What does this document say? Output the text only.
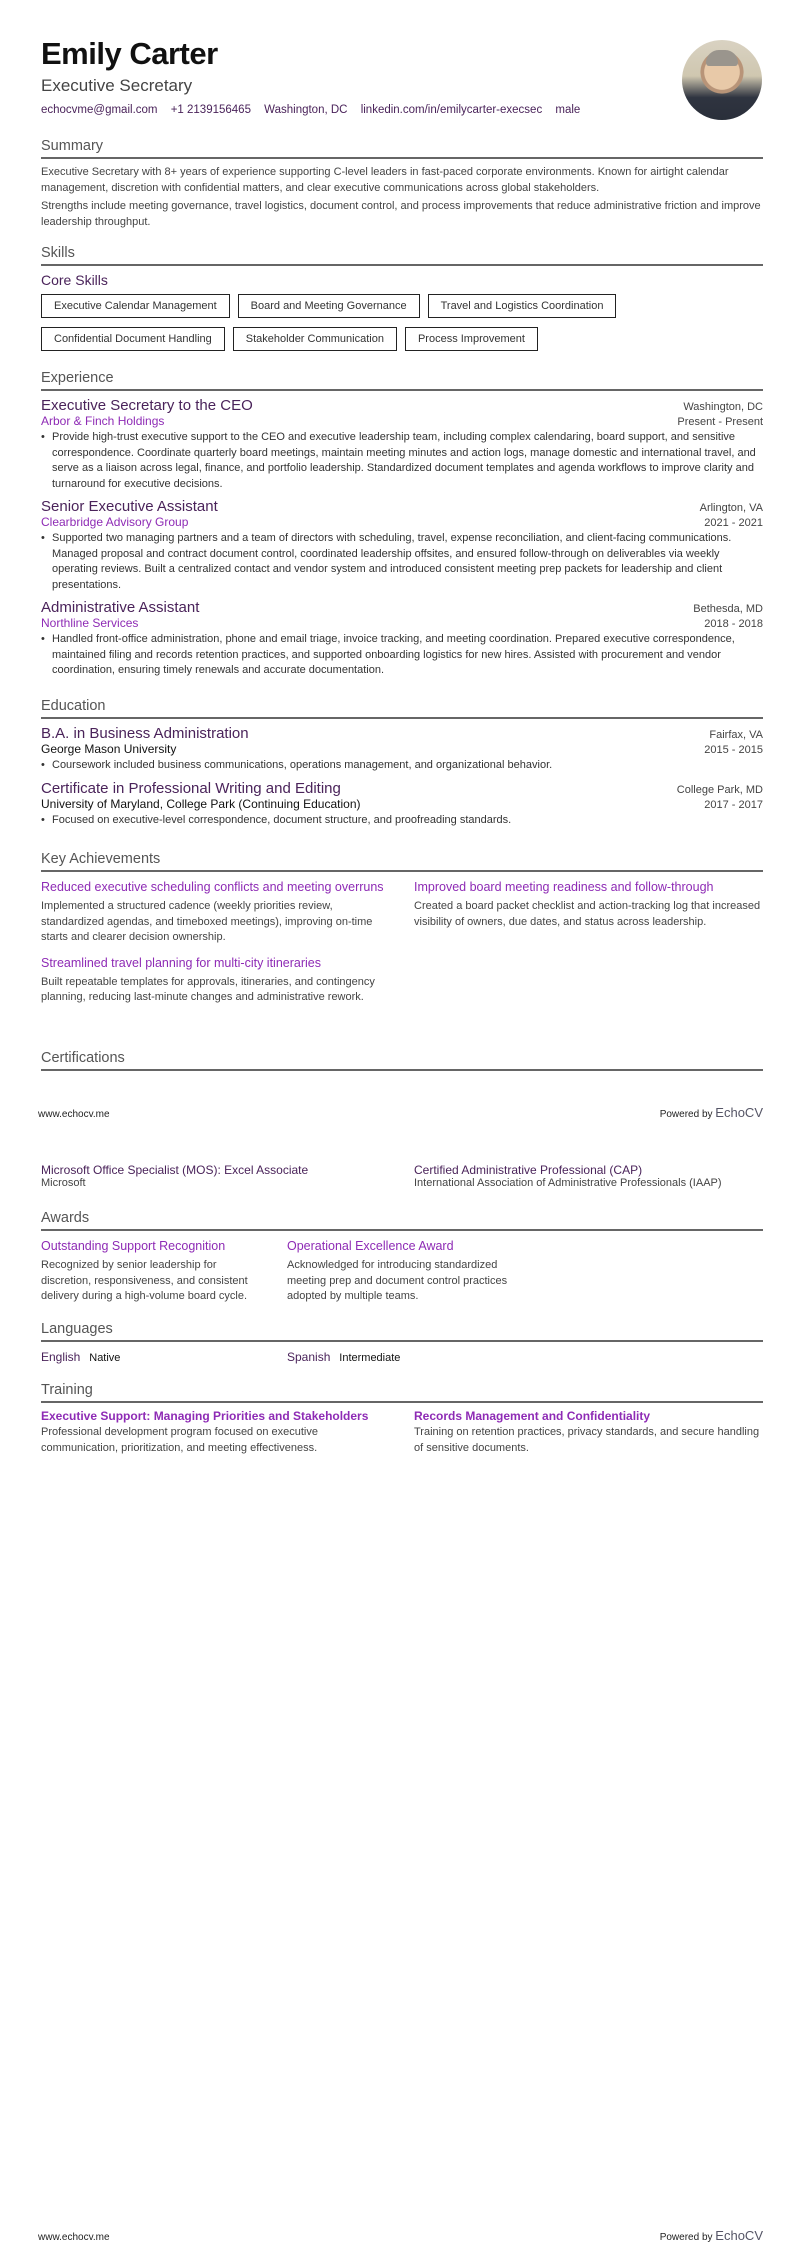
Emily Carter
Executive Secretary
echocvme@gmail.com +1 2139156465 Washington, DC linkedin.com/in/emilycarter-execsec male
Summary
Executive Secretary with 8+ years of experience supporting C-level leaders in fast-paced corporate environments. Known for airtight calendar management, discretion with confidential matters, and clear executive communications across global stakeholders.
Strengths include meeting governance, travel logistics, document control, and process improvements that reduce administrative friction and improve leadership throughput.
Skills
Core Skills
Executive Calendar Management	Board and Meeting Governance	Travel and Logistics Coordination
Confidential Document Handling	Stakeholder Communication	Process Improvement
Experience
Executive Secretary to the CEO	Washington, DC
Arbor & Finch Holdings	Present - Present
• Provide high-trust executive support to the CEO and executive leadership team, including complex calendaring, board support, and sensitive correspondence. Coordinate quarterly board meetings, maintain meeting minutes and action logs, manage domestic and international travel, and serve as a liaison across legal, finance, and portfolio leadership. Standardized document templates and agenda workflows to improve clarity and turnaround for executive decisions.
Senior Executive Assistant	Arlington, VA
Clearbridge Advisory Group	2021 - 2021
• Supported two managing partners and a team of directors with scheduling, travel, expense reconciliation, and client-facing communications. Managed proposal and contract document control, coordinated leadership offsites, and ensured follow-through on deliverables via weekly operating reviews. Built a centralized contact and vendor system and introduced consistent meeting prep packets for leadership and client presentations.
Administrative Assistant	Bethesda, MD
Northline Services	2018 - 2018
• Handled front-office administration, phone and email triage, invoice tracking, and meeting coordination. Prepared executive correspondence, maintained filing and records retention practices, and supported onboarding logistics for new hires. Assisted with procurement and vendor coordination, ensuring timely renewals and accurate documentation.
Education
B.A. in Business Administration	Fairfax, VA
George Mason University	2015 - 2015
• Coursework included business communications, operations management, and organizational behavior.
Certificate in Professional Writing and Editing	College Park, MD
University of Maryland, College Park (Continuing Education)	2017 - 2017
• Focused on executive-level correspondence, document structure, and proofreading standards.
Key Achievements
Reduced executive scheduling conflicts and meeting overruns
Implemented a structured cadence (weekly priorities review, standardized agendas, and timeboxed meetings), improving on-time starts and clearer decision ownership.
Improved board meeting readiness and follow-through
Created a board packet checklist and action-tracking log that increased visibility of owners, due dates, and status across leadership.
Streamlined travel planning for multi-city itineraries
Built repeatable templates for approvals, itineraries, and contingency planning, reducing last-minute changes and administrative rework.
Certifications
www.echocv.me	Powered by EchoCV
Microsoft Office Specialist (MOS): Excel Associate
Microsoft
Certified Administrative Professional (CAP)
International Association of Administrative Professionals (IAAP)
Awards
Outstanding Support Recognition
Recognized by senior leadership for discretion, responsiveness, and consistent delivery during a high-volume board cycle.
Operational Excellence Award
Acknowledged for introducing standardized meeting prep and document control practices adopted by multiple teams.
Languages
English Native	Spanish Intermediate
Training
Executive Support: Managing Priorities and Stakeholders
Professional development program focused on executive communication, prioritization, and meeting effectiveness.
Records Management and Confidentiality
Training on retention practices, privacy standards, and secure handling of sensitive documents.
www.echocv.me	Powered by EchoCV
